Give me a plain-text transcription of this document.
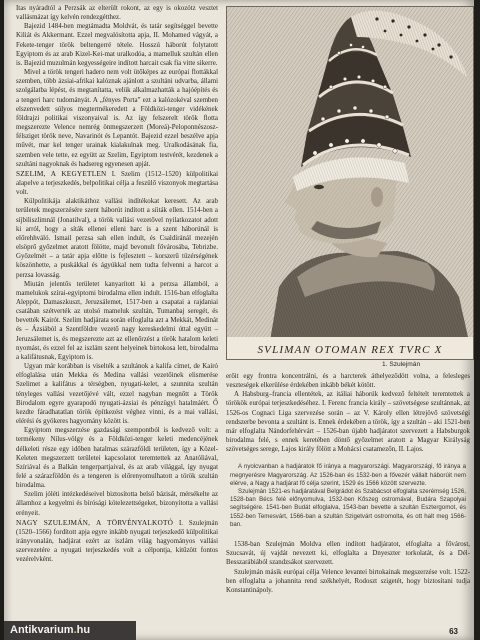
Itas nyáradtól a Perzsák az elterült rokont, az egy is okozótz vesztet vallásmázat így kelvén rendezgétthez.

Bajezid 1484-ben megtámadta Moldvát, és tatár segítséggel bevette Kiliát és Akkermant. Ezzel megvalósította apja, II. Mohamed vágyát, a Fekete-tenger török beltengerré tétele. Hosszú háborút folytatott Egyiptom és az arab Kizel-Kei-mat uralkodóa, a mamelluk szultán ellen is. Bajezid muzulmán kegyességeire indított harcait csak fia vitte sikerre.

Mivel a török tengeri hadero nem volt ütőképes az európai flottákkal szemben, több ázsiai-afrikai kalóznak ajánlott a szultáni udvarba, állami szolgálatba lépést, és megtanítatta, velük alkalmazhatták a hajóépítés és a tengeri harc tudományát. A „fényes Porta” ezt a kalózokéval szemben elszenvedett súlyos megtermékeredett a Földközi-tenger vidékének földrajzi politikai viszonyaival is. Az így felszerelt török flotta megszerezte Velence nemrég önmegszerzett (Moreá)-Peloponnészosz-félsziget török neve, Navarinót és Lepantót. Bajezid ezzel beszélve apja művét, mar kel tenger urainak kialakulnak meg. Uralkodásának fia, szemben vele tette, ez együtt az Szelim, Egyiptom testvérét, kezdenek a szultáni nagyoknak és hadsereg egyenesen apját.

SZELIM, A KEGYETLEN I. Szelim (1512–1520) külpolitikai alapelve a terjeszkedés, belpolitikai célja a feszülő viszonyok megtartása volt.

Külpolitikája alaktikáthoz vallási indítékokat keresett. Az arab területek megszerzésére szent háborút indított a síiták ellen. 1514-ben a síjbiliszlimnál (Jonatilval), a török vallási vezetővel nyilatkozatot adott ki arról, hogy a síták ellenei elleni harc is a szent háborúnál is előrehhváló. Ismail perzsa sah ellen indult, és Csaldíránál mezején elsöprő győzelmet aratott fölötte, majd bevonult fővárosába, Tebrizbe. Győzelmét – a tatár apja előtte is fejlesztett – korszerű tüzérségének köszönhette, a puskákkal és ágyúkkal nem tudta felvenni a harcot a perzsa lovasság.

Miután jelentős területet kanyarított ki a perzsa államból, a mamelukok szírai-egyiptomi birodalma ellen indult. 1516-ban elfoglalta Aleppót, Damaszkuszt, Jeruzsálemet, 1517-ben a csapatai a rajdaniai csatában szétverték az utolsó mameluk szultán, Tumanbaj seregét, és bevették Kairót. Szelim hadjárata során elfoglalta azt a Mekkát, Medinát és – Ázsiából a Szentföldre vezető nagy kereskedelmi úttal együtt – Jeruzsálemet is, és megszerezte azt az ellenőrzést a török hatalom keleti nyomást, és ezzel fel az iszlám szent helyeinek birtokosa lett, birodalma a kalifátusnak, Egyiptom is.

Ugyan már korábban is viselték a szultánok a kalifa címet, de Kairó elfoglalása után Mekka és Medina vallási vezetőinek elismerése Szelimet a kalifátus a térségben, nyugati-kelet, a szunnita szultán tényleges vallási vezetőjévé vált, ezzel nagyban megnőtt a Török Birodalom egyre gyarapodó nyugati-ázsiai és pénzügyi hatalmáért. Ő kezdte fáradhatatlan török építkezést véghez vinni, és a mai vallási, elérési és gyökeres hagyomány között is.

Egyiptom megszerzése gazdasági szempontból is kedvező volt: a termékeny Nílus-völgy és a Földközi-tenger keleti medencéjének délkeleti része egy időben hatalmas szárazföldi területen, így a Közel-Keleten megszerzett területei kapcsolatot teremtettek az Anatóliával, Szíriával és a Balkán tengerpartjaival, és az arab világgal, így nyugat felé a szárazföldön és a tengeren is előrenyomulhatott a török szultán birodalma.

Szelim jóléti intézkedéseivel biztosította belső bázisát, mérsékelte az államhoz a kegyelmi és bírósági kötelezettségeket, bizonyította a vallási erényeit.

NAGY SZULEJMÁN, A TÖRVÉNYALKOTÓ I. Szulejmán (1520–1566) fordított apja egyre inkább nyugati terjeszkedő külpolitikai irányvonalán, hadjárat ezért az iszlám világ hagyományos vallási szervezetére a nyugati terjeszkedés volt a célpontja, kitűzött fontos vezérelvként.

SVLIMAN OTOMAN REX TVRC X
1. Szulejmán

erőit egy frontra koncentrálni, és a harcterek áthelyeződött volna, a felesleges veszteségek elkerülése érdekében inkább békét kötött.

A Habsburg–francia ellentétek, az itáliai háborúk kedvező feltételt teremtettek a törökök európai terjeszkedéséhez. I. Ferenc francia király – szövetségese szultánnak, az 1526-os Cognaci Liga szervezése során – az V. Károly ellen létrejövő szövetségi rendszerbe bevonta a szultánt is. Ennek érdekében a török, így a szultán – aki 1521-ben már elfoglalta Nándorfehérvárt – 1526-ban újabb hadjáratot szervezett a Habsburgok birodalma felé, s ennek keretében döntő győzelmet aratott a Magyar Királyság szövetséges serege, Lajos király fölött a Mohácsi csatamezőn, II. Lajos.

A nyolcvanban a hadjáratok fő iránya a magyarországi. Magyarországi, fő iránya a megnyerésre Magyarország. Az 1526-ban és 1532-ben a fővezér vállalt háborúit nem elérve, a Nagy a hadjárat fő célja szerint, 1529 és 1566 között szervezte.

Szulejmán 1521-es hadjáratával Belgrádot és Szabácsot elfoglalta szerémség 1526, 1528-ban Bécs felé előnyomulva, 1532-ben Kőszeg ostromával, Budára Szapolyai segítségére. 1541-ben Budát elfoglalva, 1543-ban bevette a szultán Esztergomot, és 1552-ben Temesvárt, 1566-ban a szultán Szigetvárt ostromolta, és ott halt meg 1566-ban.

1538-ban Szulejmán Moldva ellen indított hadjáratot, elfoglalta a fővárost, Szucsavát, új vajdát nevezett ki, elfoglalta a Dnyeszter torkolatát, és a Dél-Besszarábiából szandzsákot szervezett.

Szulejmán másik európai célja Velence levantei birtokainak megszerzése volt. 1522-ben elfoglalta a johannita rend székhelyét, Rodoszt szigetét, hogy biztosítani tudja Konstantinápoly.

63
Antikvarium.hu
